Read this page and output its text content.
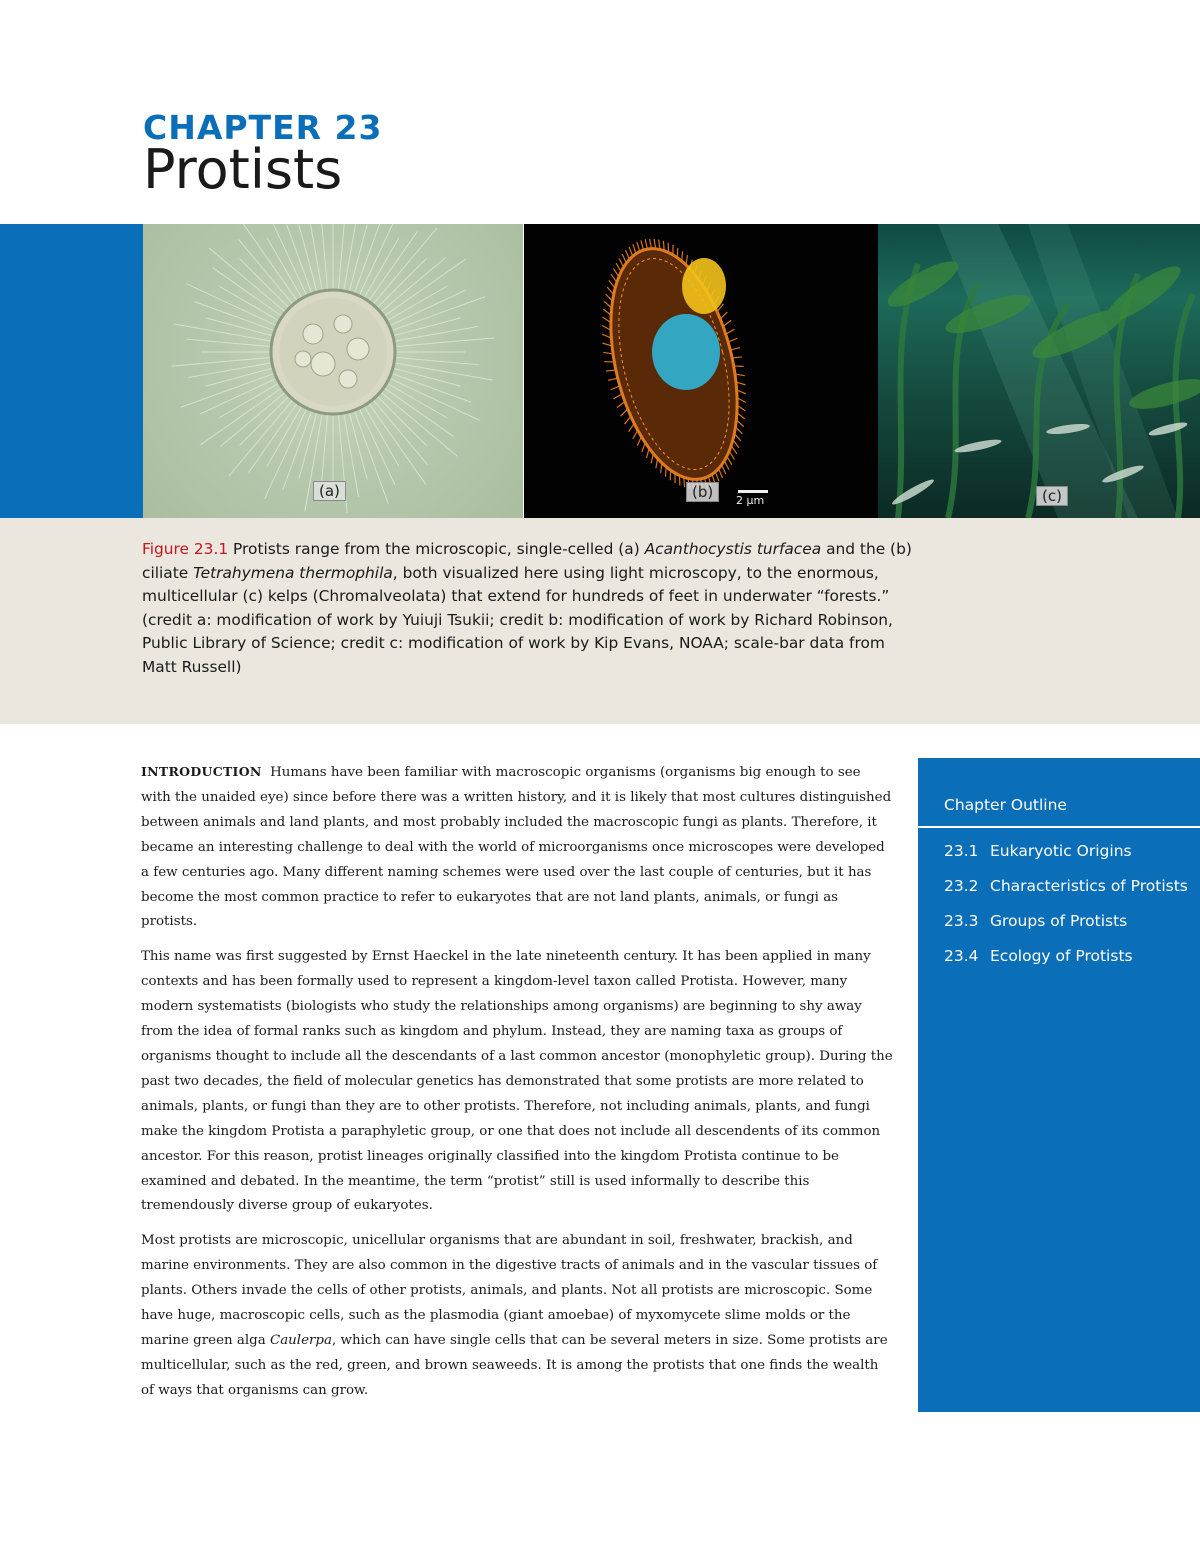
CHAPTER 23
Protists
(a)	(b)	2 μm	(c)
Figure 23.1 Protists range from the microscopic, single-celled (a) Acanthocystis turfacea and the (b) ciliate Tetrahymena thermophila, both visualized here using light microscopy, to the enormous, multicellular (c) kelps (Chromalveolata) that extend for hundreds of feet in underwater “forests.” (credit a: modification of work by Yuiuji Tsukii; credit b: modification of work by Richard Robinson, Public Library of Science; credit c: modification of work by Kip Evans, NOAA; scale-bar data from Matt Russell)

INTRODUCTION Humans have been familiar with macroscopic organisms (organisms big enough to see with the unaided eye) since before there was a written history, and it is likely that most cultures distinguished between animals and land plants, and most probably included the macroscopic fungi as plants. Therefore, it became an interesting challenge to deal with the world of microorganisms once microscopes were developed a few centuries ago. Many different naming schemes were used over the last couple of centuries, but it has become the most common practice to refer to eukaryotes that are not land plants, animals, or fungi as protists.

This name was first suggested by Ernst Haeckel in the late nineteenth century. It has been applied in many contexts and has been formally used to represent a kingdom-level taxon called Protista. However, many modern systematists (biologists who study the relationships among organisms) are beginning to shy away from the idea of formal ranks such as kingdom and phylum. Instead, they are naming taxa as groups of organisms thought to include all the descendants of a last common ancestor (monophyletic group). During the past two decades, the field of molecular genetics has demonstrated that some protists are more related to animals, plants, or fungi than they are to other protists. Therefore, not including animals, plants, and fungi make the kingdom Protista a paraphyletic group, or one that does not include all descendents of its common ancestor. For this reason, protist lineages originally classified into the kingdom Protista continue to be examined and debated. In the meantime, the term “protist” still is used informally to describe this tremendously diverse group of eukaryotes.

Most protists are microscopic, unicellular organisms that are abundant in soil, freshwater, brackish, and marine environments. They are also common in the digestive tracts of animals and in the vascular tissues of plants. Others invade the cells of other protists, animals, and plants. Not all protists are microscopic. Some have huge, macroscopic cells, such as the plasmodia (giant amoebae) of myxomycete slime molds or the marine green alga Caulerpa, which can have single cells that can be several meters in size. Some protists are multicellular, such as the red, green, and brown seaweeds. It is among the protists that one finds the wealth of ways that organisms can grow.

Chapter Outline
23.1 Eukaryotic Origins
23.2 Characteristics of Protists
23.3 Groups of Protists
23.4 Ecology of Protists
